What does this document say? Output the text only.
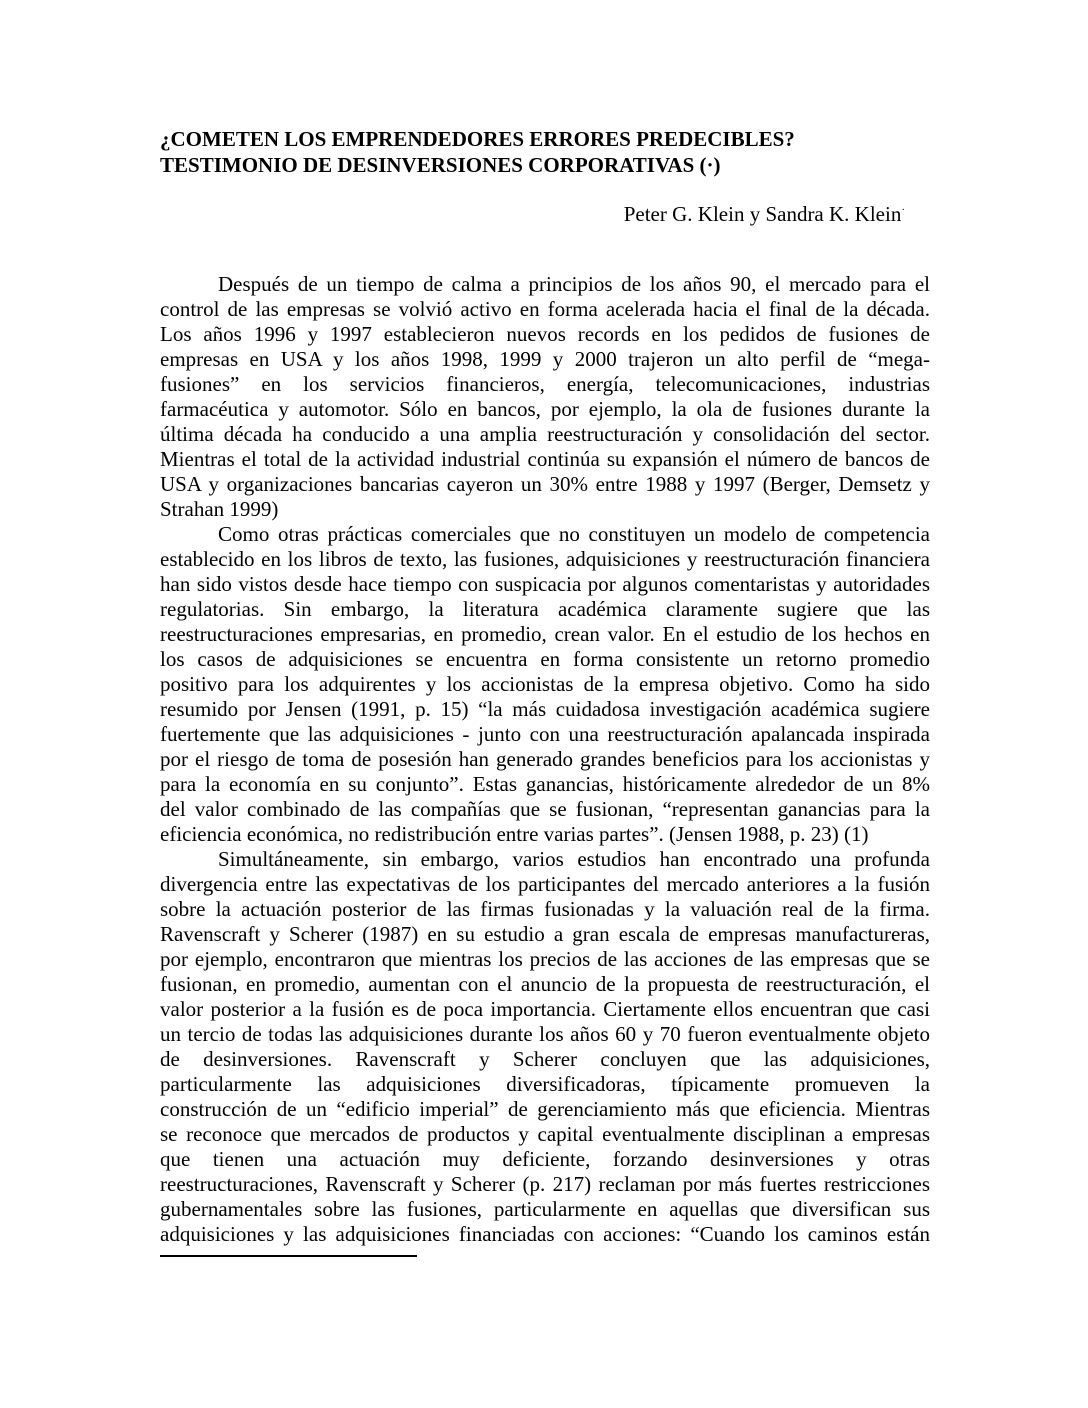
¿COMETEN LOS EMPRENDEDORES ERRORES PREDECIBLES?
TESTIMONIO DE DESINVERSIONES CORPORATIVAS (·)
Peter G. Klein y Sandra K. Klein·
Después de un tiempo de calma a principios de los años 90, el mercado para el
control de las empresas se volvió activo en forma acelerada hacia el final de la década.
Los años 1996 y 1997 establecieron nuevos records en los pedidos de fusiones de
empresas en USA y los años 1998, 1999 y 2000 trajeron un alto perfil de “mega-
fusiones” en los servicios financieros, energía, telecomunicaciones, industrias
farmacéutica y automotor. Sólo en bancos, por ejemplo, la ola de fusiones durante la
última década ha conducido a una amplia reestructuración y consolidación del sector.
Mientras el total de la actividad industrial continúa su expansión el número de bancos de
USA y organizaciones bancarias cayeron un 30% entre 1988 y 1997 (Berger, Demsetz y
Strahan 1999)
Como otras prácticas comerciales que no constituyen un modelo de competencia
establecido en los libros de texto, las fusiones, adquisiciones y reestructuración financiera
han sido vistos desde hace tiempo con suspicacia por algunos comentaristas y autoridades
regulatorias. Sin embargo, la literatura académica claramente sugiere que las
reestructuraciones empresarias, en promedio, crean valor. En el estudio de los hechos en
los casos de adquisiciones se encuentra en forma consistente un retorno promedio
positivo para los adquirentes y los accionistas de la empresa objetivo. Como ha sido
resumido por Jensen (1991, p. 15) “la más cuidadosa investigación académica sugiere
fuertemente que las adquisiciones - junto con una reestructuración apalancada inspirada
por el riesgo de toma de posesión han generado grandes beneficios para los accionistas y
para la economía en su conjunto”. Estas ganancias, históricamente alrededor de un 8%
del valor combinado de las compañías que se fusionan, “representan ganancias para la
eficiencia económica, no redistribución entre varias partes”. (Jensen 1988, p. 23) (1)
Simultáneamente, sin embargo, varios estudios han encontrado una profunda
divergencia entre las expectativas de los participantes del mercado anteriores a la fusión
sobre la actuación posterior de las firmas fusionadas y la valuación real de la firma.
Ravenscraft y Scherer (1987) en su estudio a gran escala de empresas manufactureras,
por ejemplo, encontraron que mientras los precios de las acciones de las empresas que se
fusionan, en promedio, aumentan con el anuncio de la propuesta de reestructuración, el
valor posterior a la fusión es de poca importancia. Ciertamente ellos encuentran que casi
un tercio de todas las adquisiciones durante los años 60 y 70 fueron eventualmente objeto
de desinversiones. Ravenscraft y Scherer concluyen que las adquisiciones,
particularmente las adquisiciones diversificadoras, típicamente promueven la
construcción de un “edificio imperial” de gerenciamiento más que eficiencia. Mientras
se reconoce que mercados de productos y capital eventualmente disciplinan a empresas
que tienen una actuación muy deficiente, forzando desinversiones y otras
reestructuraciones, Ravenscraft y Scherer (p. 217) reclaman por más fuertes restricciones
gubernamentales sobre las fusiones, particularmente en aquellas que diversifican sus
adquisiciones y las adquisiciones financiadas con acciones: “Cuando los caminos están
